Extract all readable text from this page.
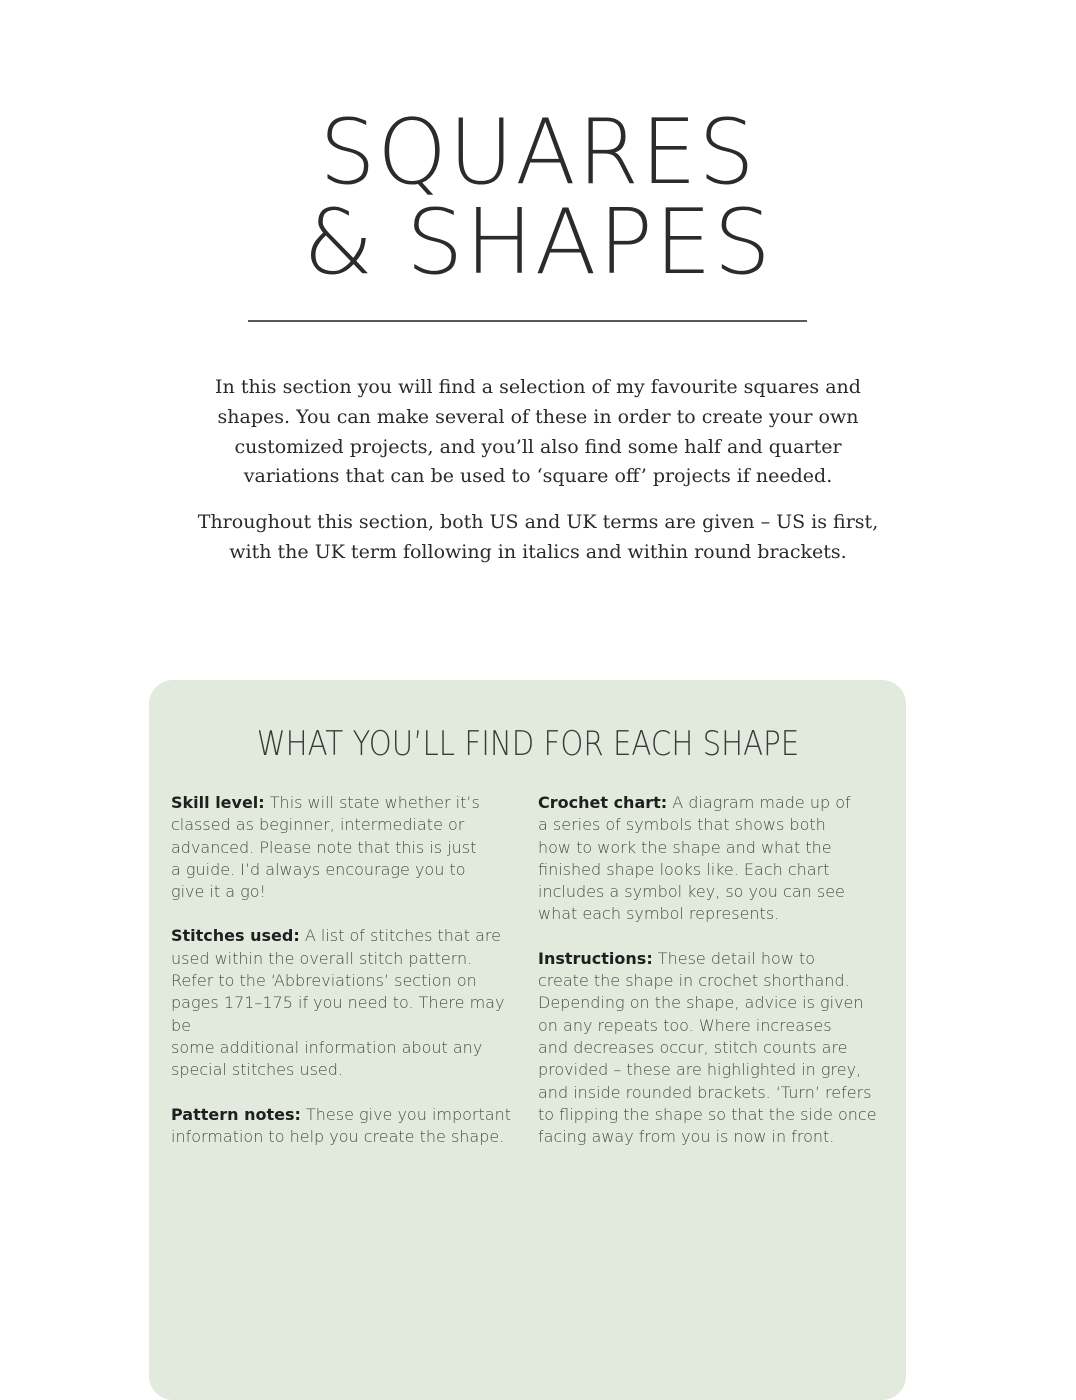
SQUARES
& SHAPES

In this section you will find a selection of my favourite squares and
shapes. You can make several of these in order to create your own
customized projects, and you’ll also find some half and quarter
variations that can be used to ‘square off’ projects if needed.

Throughout this section, both US and UK terms are given – US is first,
with the UK term following in italics and within round brackets.

WHAT YOU’LL FIND FOR EACH SHAPE

Skill level: This will state whether it’s
classed as beginner, intermediate or
advanced. Please note that this is just
a guide. I’d always encourage you to
give it a go!

Stitches used: A list of stitches that are
used within the overall stitch pattern.
Refer to the ‘Abbreviations’ section on
pages 171–175 if you need to. There may be
some additional information about any
special stitches used.

Pattern notes: These give you important
information to help you create the shape.

Crochet chart: A diagram made up of
a series of symbols that shows both
how to work the shape and what the
finished shape looks like. Each chart
includes a symbol key, so you can see
what each symbol represents.

Instructions: These detail how to
create the shape in crochet shorthand.
Depending on the shape, advice is given
on any repeats too. Where increases
and decreases occur, stitch counts are
provided – these are highlighted in grey,
and inside rounded brackets. ‘Turn’ refers
to flipping the shape so that the side once
facing away from you is now in front.
